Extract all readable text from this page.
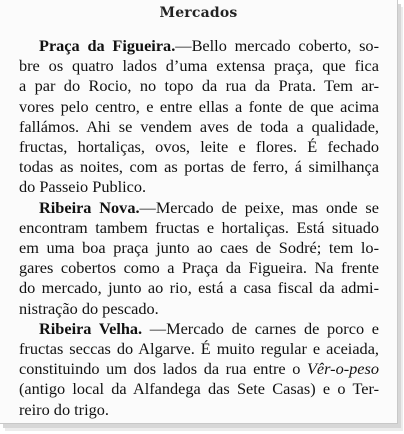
Mercados
Praça da Figueira.—Bello mercado coberto, so-
bre os quatro lados d’uma extensa praça, que fica
a par do Rocio, no topo da rua da Prata. Tem ar-
vores pelo centro, e entre ellas a fonte de que acima
fallámos. Ahi se vendem aves de toda a qualidade,
fructas, hortaliças, ovos, leite e flores. É fechado
todas as noites, com as portas de ferro, á similhança
do Passeio Publico.
Ribeira Nova.—Mercado de peixe, mas onde se
encontram tambem fructas e hortaliças. Está situado
em uma boa praça junto ao caes de Sodré; tem lo-
gares cobertos como a Praça da Figueira. Na frente
do mercado, junto ao rio, está a casa fiscal da admi-
nistração do pescado.
Ribeira Velha. —Mercado de carnes de porco e
fructas seccas do Algarve. É muito regular e aceiada,
constituindo um dos lados da rua entre o Vêr-o-peso
(antigo local da Alfandega das Sete Casas) e o Ter-
reiro do trigo.
